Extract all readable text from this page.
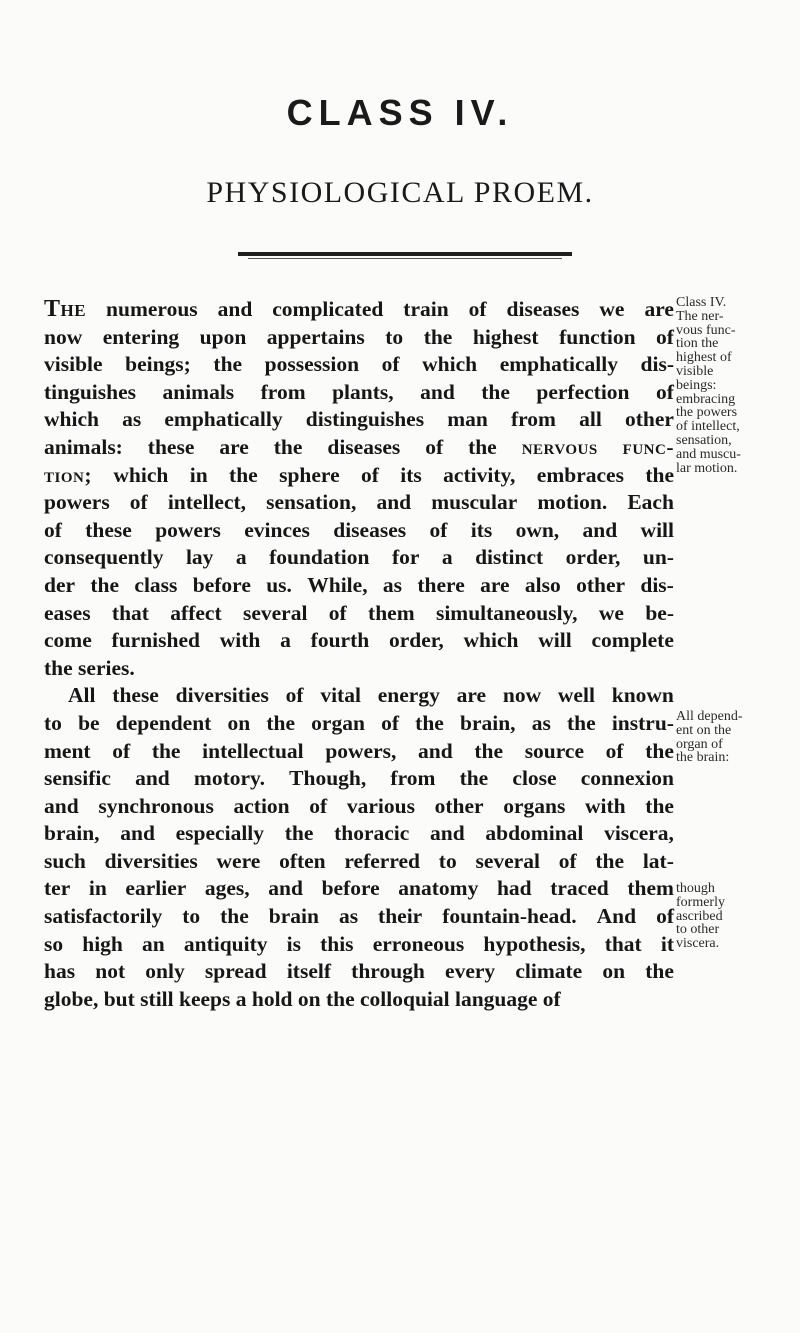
CLASS IV.
PHYSIOLOGICAL PROEM.
The numerous and complicated train of diseases we are
now entering upon appertains to the highest function of
visible beings; the possession of which emphatically dis-
tinguishes animals from plants, and the perfection of
which as emphatically distinguishes man from all other
animals: these are the diseases of the nervous func-
tion; which in the sphere of its activity, embraces the
powers of intellect, sensation, and muscular motion. Each
of these powers evinces diseases of its own, and will
consequently lay a foundation for a distinct order, un-
der the class before us. While, as there are also other dis-
eases that affect several of them simultaneously, we be-
come furnished with a fourth order, which will complete
the series.
All these diversities of vital energy are now well known
to be dependent on the organ of the brain, as the instru-
ment of the intellectual powers, and the source of the
sensific and motory. Though, from the close connexion
and synchronous action of various other organs with the
brain, and especially the thoracic and abdominal viscera,
such diversities were often referred to several of the lat-
ter in earlier ages, and before anatomy had traced them
satisfactorily to the brain as their fountain-head. And of
so high an antiquity is this erroneous hypothesis, that it
has not only spread itself through every climate on the
globe, but still keeps a hold on the colloquial language of
Class IV.
The ner-
vous func-
tion the
highest of
visible
beings:
embracing
the powers
of intellect,
sensation,
and muscu-
lar motion.
All depend-
ent on the
organ of
the brain:
though
formerly
ascribed
to other
viscera.
